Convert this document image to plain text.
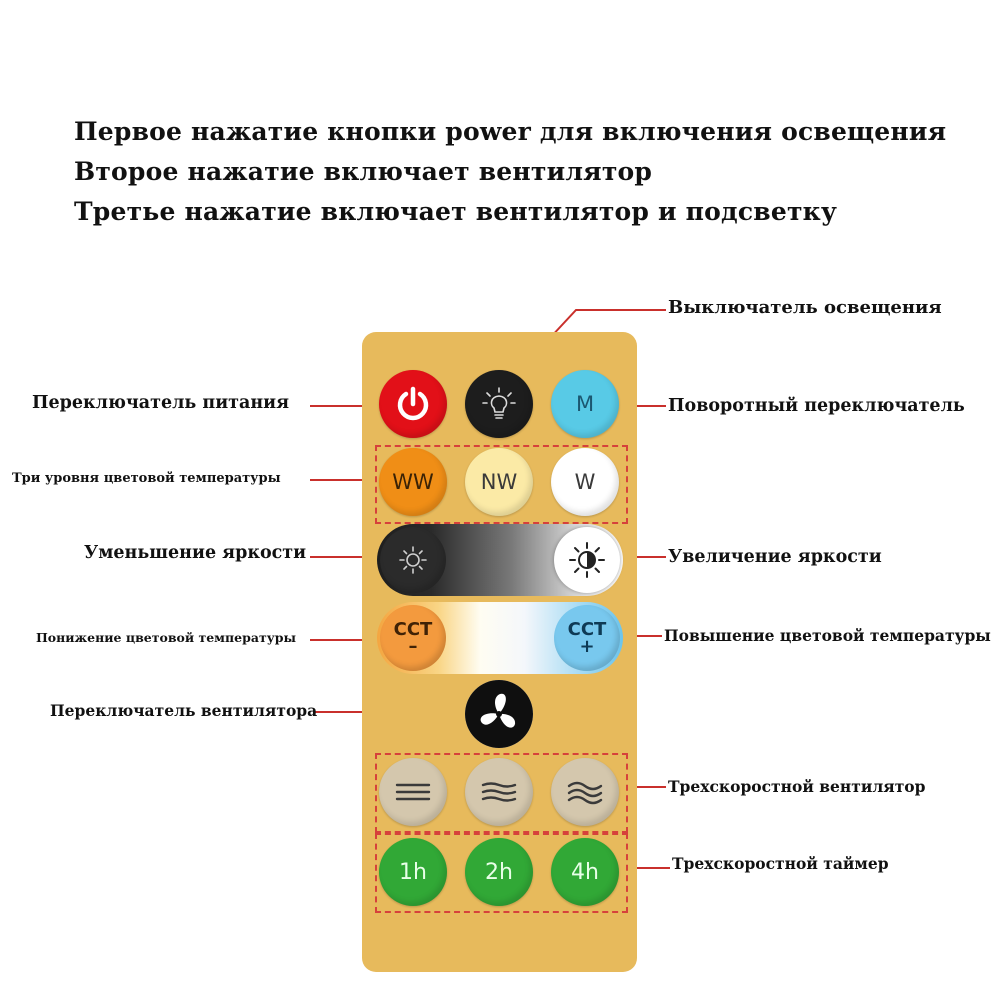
Первое нажатие кнопки power для включения освещения
Второе нажатие включает вентилятор
Третье нажатие включает вентилятор и подсветку
M
WW NW	W
CCT
–
CCT
+
1h	2h	4h
Выключатель освещения
Переключатель питания	Поворотный переключатель
Три уровня цветовой температуры
Уменьшение яркости	Увеличение яркости
Понижение цветовой температуры	Повышение цветовой температуры
Переключатель вентилятора
Трехскоростной вентилятор
Трехскоростной таймер
